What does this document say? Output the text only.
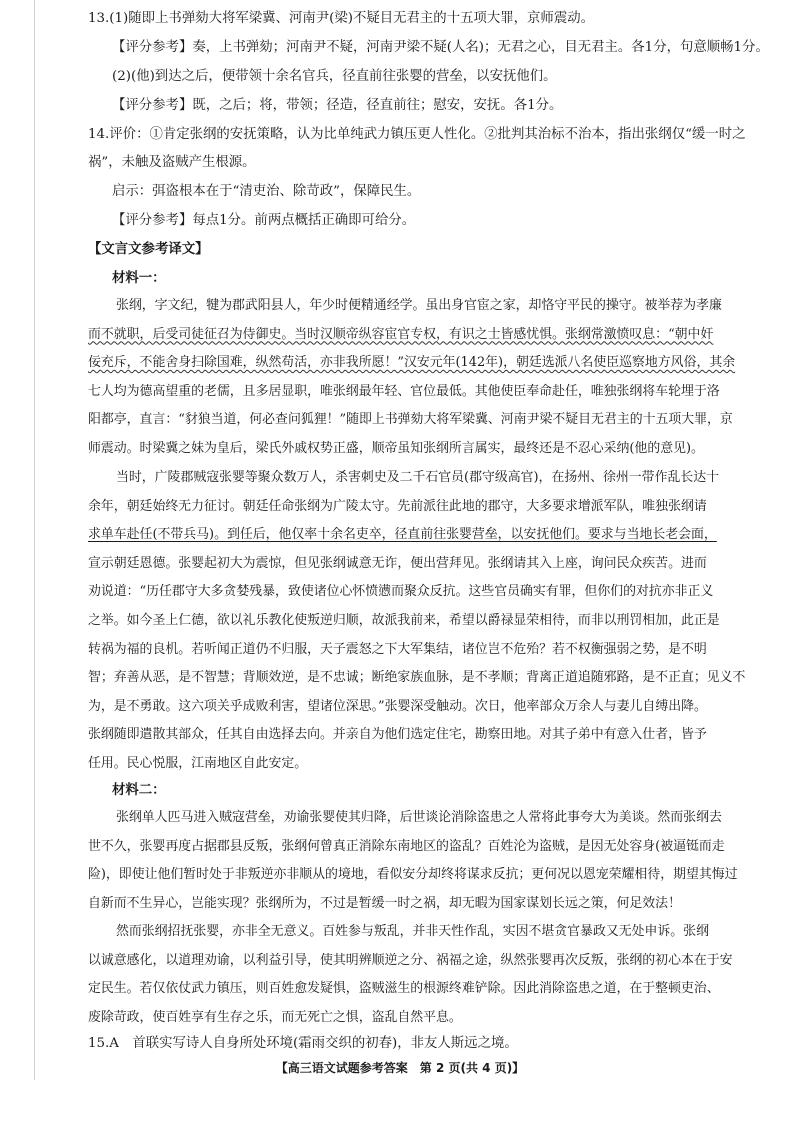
13.(1)随即上书弹劾大将军梁冀、河南尹(梁)不疑目无君主的十五项大罪，京师震动。
【评分参考】奏，上书弹劾；河南尹不疑，河南尹梁不疑(人名)；无君之心，目无君主。各1分，句意顺畅1分。
(2)(他)到达之后，便带领十余名官兵，径直前往张婴的营垒，以安抚他们。
【评分参考】既，之后；将，带领；径造，径直前往；慰安，安抚。各1分。
14.评价：①肯定张纲的安抚策略，认为比单纯武力镇压更人性化。②批判其治标不治本，指出张纲仅“缓一时之
祸”，未触及盗贼产生根源。
启示：弭盗根本在于“清吏治、除苛政”，保障民生。
【评分参考】每点1分。前两点概括正确即可给分。
【文言文参考译文】
材料一：
张纲，字文纪，犍为郡武阳县人，年少时便精通经学。虽出身官宦之家，却恪守平民的操守。被举荐为孝廉
而不就职，后受司徒征召为侍御史。当时汉顺帝纵容宦官专权，有识之士皆感忧惧。张纲常激愤叹息：“朝中奸
佞充斥，不能舍身扫除国难，纵然苟活，亦非我所愿！”汉安元年(142年)，朝廷选派八名使臣巡察地方风俗，其余
七人均为德高望重的老儒，且多居显职，唯张纲最年轻、官位最低。其他使臣奉命赴任，唯独张纲将车轮埋于洛
阳都亭，直言：“豺狼当道，何必查问狐狸！”随即上书弹劾大将军梁冀、河南尹梁不疑目无君主的十五项大罪，京
师震动。时梁冀之妹为皇后，梁氏外戚权势正盛，顺帝虽知张纲所言属实，最终还是不忍心采纳(他的意见)。
当时，广陵郡贼寇张婴等聚众数万人，杀害刺史及二千石官员(郡守级高官)，在扬州、徐州一带作乱长达十
余年，朝廷始终无力征讨。朝廷任命张纲为广陵太守。先前派往此地的郡守，大多要求增派军队，唯独张纲请
求单车赴任(不带兵马)。到任后，他仅率十余名吏卒，径直前往张婴营垒，以安抚他们。要求与当地长老会面，
宣示朝廷恩德。张婴起初大为震惊，但见张纲诚意无诈，便出营拜见。张纲请其入上座，询问民众疾苦。进而
劝说道：“历任郡守大多贪婪残暴，致使诸位心怀愤懑而聚众反抗。这些官员确实有罪，但你们的对抗亦非正义
之举。如今圣上仁德，欲以礼乐教化使叛逆归顺，故派我前来，希望以爵禄显荣相待，而非以刑罚相加，此正是
转祸为福的良机。若听闻正道仍不归服，天子震怒之下大军集结，诸位岂不危殆？若不权衡强弱之势，是不明
智；弃善从恶，是不智慧；背顺效逆，是不忠诚；断绝家族血脉，是不孝顺；背离正道追随邪路，是不正直；见义不
为，是不勇敢。这六项关乎成败利害，望诸位深思。”张婴深受触动。次日，他率部众万余人与妻儿自缚出降。
张纲随即遣散其部众，任其自由选择去向。并亲自为他们选定住宅，勘察田地。对其子弟中有意入仕者，皆予
任用。民心悦服，江南地区自此安定。
材料二：
张纲单人匹马进入贼寇营垒，劝谕张婴使其归降，后世谈论消除盗患之人常将此事夸大为美谈。然而张纲去
世不久，张婴再度占据郡县反叛，张纲何曾真正消除东南地区的盗乱？百姓沦为盗贼，是因无处容身(被逼铤而走
险)，即使让他们暂时处于非叛逆亦非顺从的境地，看似安分却终将谋求反抗；更何况以恩宠荣耀相待，期望其悔过
自新而不生异心，岂能实现？张纲所为，不过是暂缓一时之祸，却无暇为国家谋划长远之策，何足效法！
然而张纲招抚张婴，亦非全无意义。百姓参与叛乱，并非天性作乱，实因不堪贪官暴政又无处申诉。张纲
以诚意感化，以道理劝谕，以利益引导，使其明辨顺逆之分、祸福之途，纵然张婴再次反叛，张纲的初心本在于安
定民生。若仅依仗武力镇压，则百姓愈发疑惧，盗贼滋生的根源终难铲除。因此消除盗患之道，在于整顿吏治、
废除苛政，使百姓享有生存之乐，而无死亡之惧，盗乱自然平息。
15.A　首联实写诗人自身所处环境(霜雨交织的初春)，非友人斯远之境。
【高三语文试题参考答案　第 2 页(共 4 页)】
